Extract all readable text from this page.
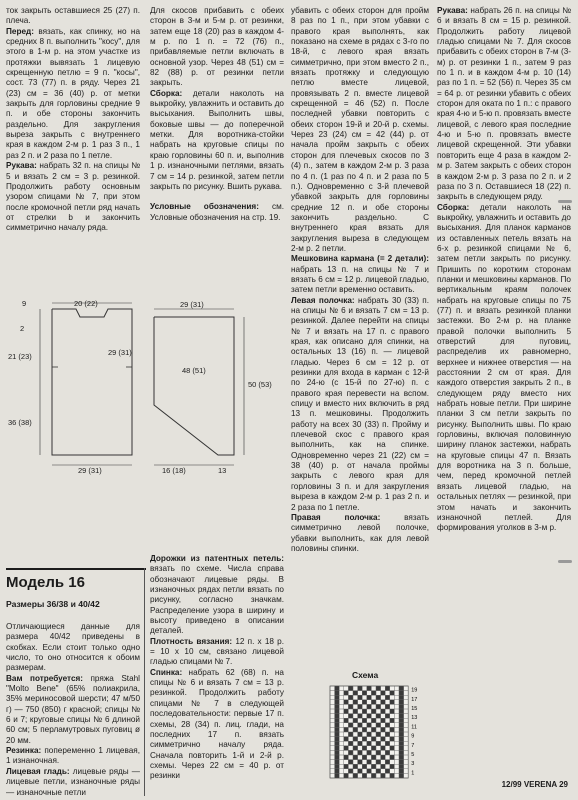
ток закрыть оставшиеся 25 (27) п. плеча.

Перед: вязать, как спинку, но на средних 8 п. выполнить "косу", для этого в 1-м р. на этом участке из протяжки вывязать 1 лицевую скрещенную петлю = 9 п. "косы", сост. 73 (77) п. в ряду. Через 21 (23) см = 36 (40) р. от метки закрыть для горловины средние 9 п. и обе стороны закончить раздельно. Для закругления выреза закрыть с внутреннего края в каждом 2-м р. 1 раз 3 п., 1 раз 2 п. и 2 раза по 1 петле.

Рукава: набрать 32 п. на спицы № 5 и вязать 2 см = 3 р. резинкой. Продолжить работу основным узором спицами № 7, при этом после кромочной петли ряд начать от стрелки b и закончить симметрично началу ряда.

9	20 (22)
2
21 (23)
36 (38)
29 (31)
29 (31)
29 (31)
48 (51)
50 (53)
16 (18)	13

Модель 16

Размеры 36/38 и 40/42

Отличающиеся данные для размера 40/42 приведены в скобках. Если стоит только одно число, то оно относится к обоим размерам.

Вам потребуется: пряжа Stahl "Molto Bene" (65% полиакрила, 35% мериносовой шерсти; 47 м/50 г) — 750 (850) г красной; спицы № 6 и 7; круговые спицы № 6 длиной 60 см; 5 перламутровых пуговиц ø 20 мм.

Резинка: попеременно 1 лицевая, 1 изнаночная.

Лицевая гладь: лицевые ряды — лицевые петли, изнаночные ряды — изнаночные петли

Для скосов прибавить с обеих сторон в 3-м и 5-м р. от резинки, затем еще 18 (20) раз в каждом 4-м р. по 1 п. = 72 (76) п., прибавляемые петли включать в основной узор. Через 48 (51) см = 82 (88) р. от резинки петли закрыть.

Сборка: детали наколоть на выкройку, увлажнить и оставить до высыхания. Выполнить швы, боковые швы — до поперечной метки. Для воротника-стойки набрать на круговые спицы по краю горловины 60 п. и, выполнив 1 р. изнаночными петлями, вязать 7 см = 14 р. резинкой, затем петли закрыть по рисунку. Вшить рукава.

Условные обозначения: см. Условные обозначения на стр. 19.

Дорожки из патентных петель: вязать по схеме. Числа справа обозначают лицевые ряды. В изнаночных рядах петли вязать по рисунку, согласно значкам. Распределение узора в ширину и высоту приведено в описании деталей.

Плотность вязания: 12 п. х 18 р. = 10 х 10 см, связано лицевой гладью спицами № 7.

Спинка: набрать 62 (68) п. на спицы № 6 и вязать 7 см = 13 р. резинкой. Продолжить работу спицами № 7 в следующей последовательности: первые 17 п. схемы, 28 (34) п. лиц. глади, на последних 17 п. вязать симметрично началу ряда. Сначала повторить 1-й и 2-й р. схемы. Через 22 см = 40 р. от резинки

убавить с обеих сторон для пройм 8 раз по 1 п., при этом убавки с правого края выполнять, как показано на схеме в рядах с 3-го по 18-й, с левого края вязать симметрично, при этом вместо 2 п., вязать протяжку и следующую петлю вместе лицевой, провязывать 2 п. вместе лицевой скрещенной = 46 (52) п. После последней убавки повторить с обеих сторон 19-й и 20-й р. схемы. Через 23 (24) см = 42 (44) р. от начала пройм закрыть с обеих сторон для плечевых скосов по 3 (4) п., затем в каждом 2-м р. 3 раза по 4 п. (1 раз по 4 п. и 2 раза по 5 п.). Одновременно с 3-й плечевой убавкой закрыть для горловины средние 12 п. и обе стороны закончить раздельно. С внутреннего края вязать для закругления выреза в следующем 2-м р. 2 петли.

Мешковина кармана (= 2 детали): набрать 13 п. на спицы № 7 и вязать 6 см = 12 р. лицевой гладью, затем петли временно оставить.

Левая полочка: набрать 30 (33) п. на спицы № 6 и вязать 7 см = 13 р. резинкой. Далее перейти на спицы № 7 и вязать на 17 п. с правого края, как описано для спинки, на остальных 13 (16) п. — лицевой гладью. Через 6 см = 12 р. от резинки для входа в карман с 12-й по 24-ю (с 15-й по 27-ю) п. с правого края перевести на вспом. спицу и вместо них включить в ряд 13 п. мешковины. Продолжить работу на всех 30 (33) п. Пройму и плечевой скос с правого края выполнить, как на спинке. Одновременно через 21 (22) см = 38 (40) р. от начала проймы закрыть с левого края для горловины 3 п. и для закругления выреза в каждом 2-м р. 1 раз 2 п. и 2 раза по 1 петле.

Правая полочка:	вязать симметрично левой полочке, убавки выполнить, как для левой половины спинки.

Схема

19
17
15
13
11
9
7
5
3
1

Рукава: набрать 26 п. на спицы № 6 и вязать 8 см = 15 р. резинкой. Продолжить работу лицевой гладью спицами № 7. Для скосов прибавить с обеих сторон в 7-м (3-м) р. от резинки 1 п., затем 9 раз по 1 п. и в каждом 4-м р. 10 (14) раз по 1 п. = 52 (56) п. Через 35 см = 64 р. от резинки убавить с обеих сторон для оката по 1 п.: с правого края 4-ю и 5-ю п. провязать вместе лицевой, с левого края последние 4-ю и 5-ю п. провязать вместе лицевой скрещенной. Эти убавки повторить еще 4 раза в каждом 2-м р. Затем закрыть с обеих сторон в каждом 2-м р. 3 раза по 2 п. и 2 раза по 3 п. Оставшиеся 18 (22) п. закрыть в следующем ряду.

Сборка: детали наколоть на выкройку, увлажнить и оставить до высыхания. Для планок карманов из оставленных петель вязать на 6-х р. резинкой спицами № 6, затем петли закрыть по рисунку. Пришить по коротким сторонам планки и мешковины карманов. По вертикальным краям полочек набрать на круговые спицы по 75 (77) п. и вязать резинкой планки застежки. Во 2-м р. на планке правой полочки выполнить 5 отверстий для пуговиц, распределив их равномерно, верхнее и нижнее отверстия — на расстоянии 2 см от края. Для каждого отверстия закрыть 2 п., в следующем ряду вместо них набрать новые петли. При ширине планки 3 см петли закрыть по рисунку. Выполнить швы. По краю горловины, включая половинную ширину планок застежки, набрать на круговые спицы 47 п. Вязать для воротника на 3 п. больше, чем, перед кромочной петлей вязать лицевой гладью, на остальных петлях — резинкой, при этом начать и закончить изнаночной петлей. Для формирования уголков в 3-м р.

12/99 VERENA 29
